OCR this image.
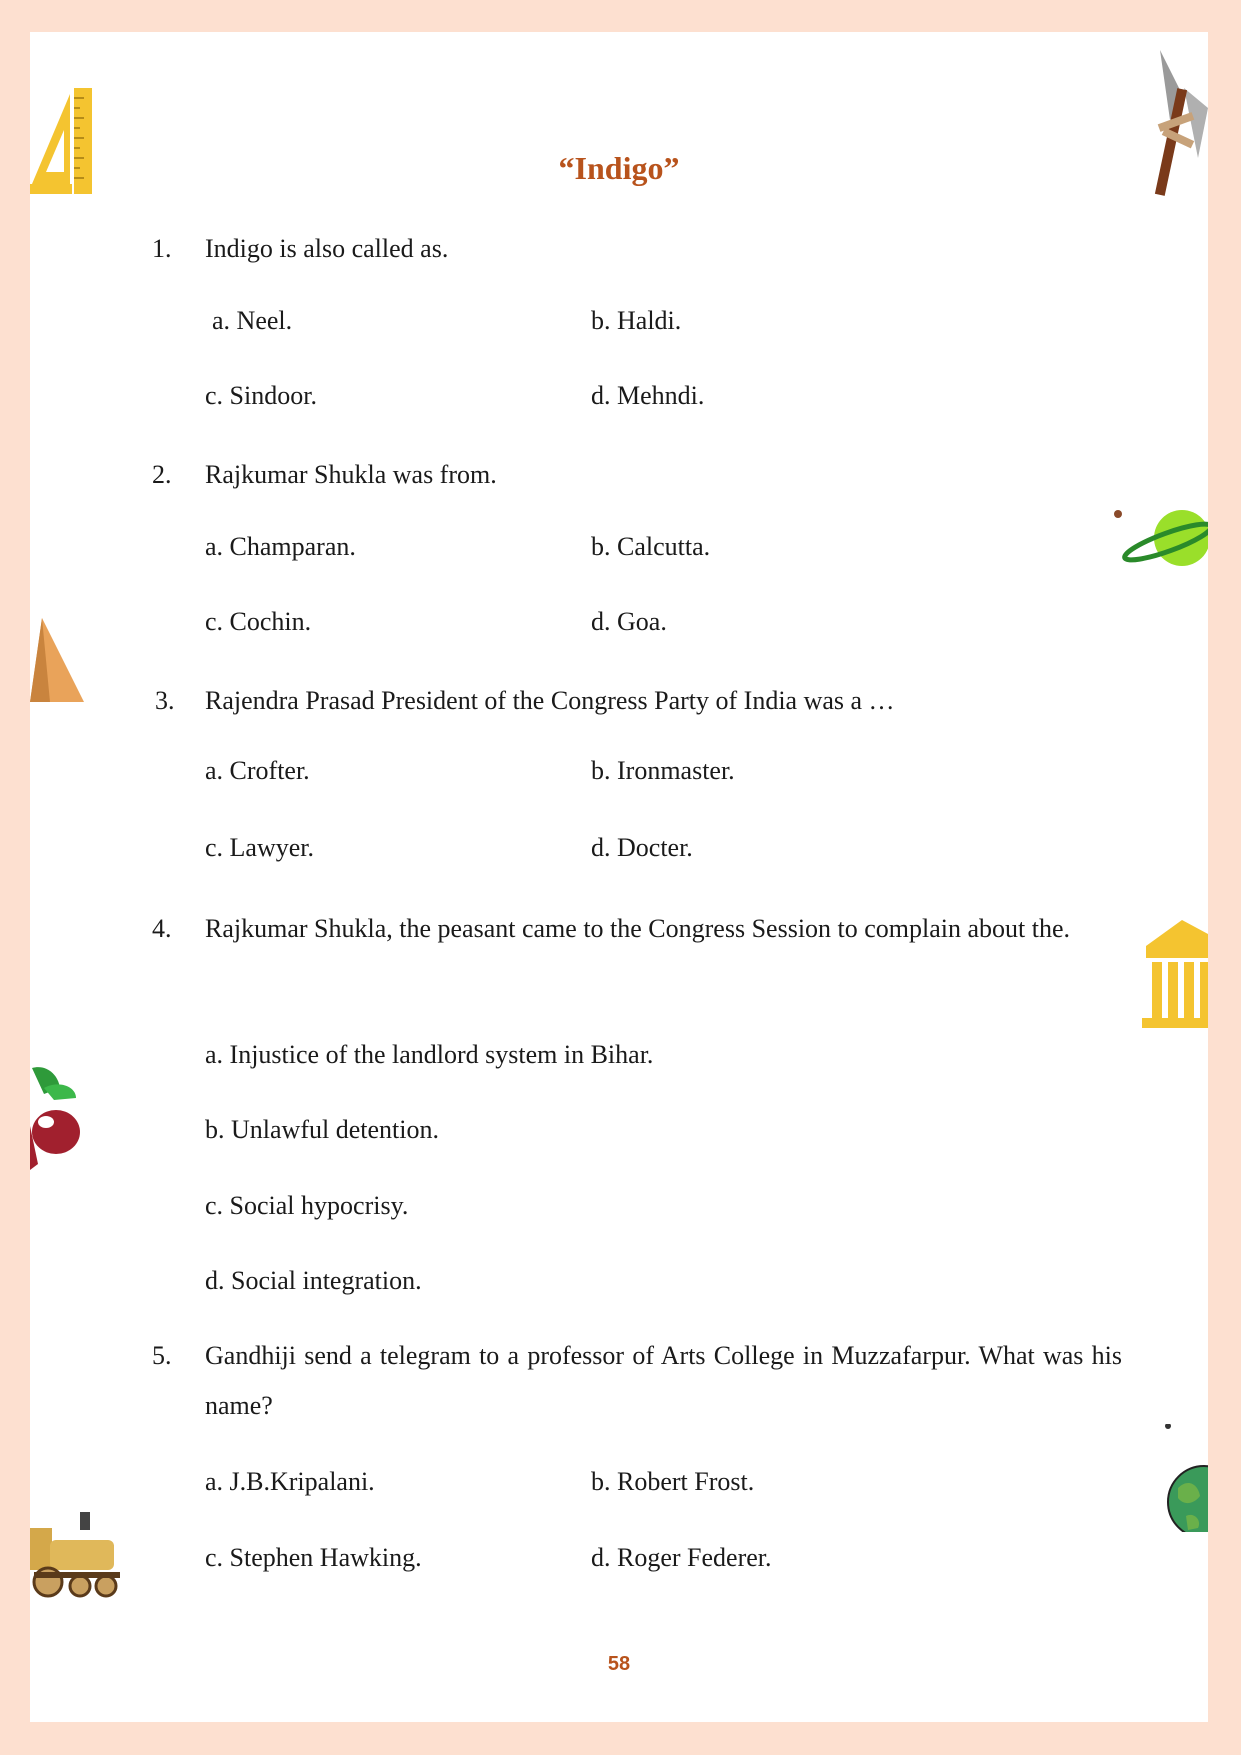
“Indigo”
1.	Indigo is also called as.
a. Neel.	b. Haldi.
c. Sindoor.	d. Mehndi.
2.	Rajkumar Shukla was from.
a. Champaran.	b. Calcutta.
c. Cochin.	d. Goa.
3.	Rajendra Prasad President of the Congress Party of India was a …
a. Crofter.	b. Ironmaster.
c. Lawyer.	d. Docter.
4.	Rajkumar Shukla, the peasant came to the Congress Session to complain about the.
a. Injustice of the landlord system in Bihar.
b. Unlawful detention.
c. Social hypocrisy.
d. Social integration.
5.	Gandhiji send a telegram to a professor of Arts College in Muzzafarpur. What was his name?
a. J.B.Kripalani.	b. Robert Frost.
c. Stephen Hawking.	d. Roger Federer.
58
